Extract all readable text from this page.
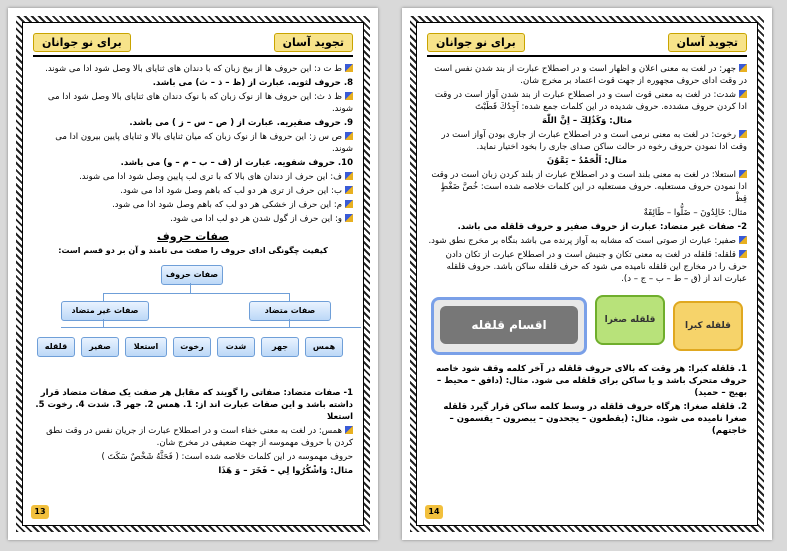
تجوید آسان
برای نو جوانان

ط ت د: این حروف ها از بیخ زبان که با دندان های ثنایای بالا وصل شود ادا می شوند.

8. حروف لثویه. عبارت از (ظ – ذ – ث) می باشد.

ظ ذ ث: این حروف ها از نوک زبان که با نوک دندان های ثنایای بالا وصل شود ادا می شوند.

9. حروف صفیریه. عبارت از ( ص – س – ز ) می باشد.

ص س ز: این حروف ها از نوک زبان که میان ثنایای بالا و ثنایای پایین بیرون ادا می شوند.

10. حروف شفویه. عبارت از (ف – ب – م – و) می باشد.

ف: این حرف از دندان های بالا که با تری لب پایین وصل شود ادا می شوند.

ب: این حرف از تری هر دو لب که باهم وصل شود ادا می شود.

م: این حرف از خشکی هر دو لب که باهم وصل شود ادا می شود.

و: این حرف از گول شدن هر دو لب ادا می شود.

صفات حروف
کیفیت چگونگی ادای حروف را صفت می نامند و آن بر دو قسم است:
صفات حروف
صفات غیر متضاد	صفات متضاد
قلقله	صفیر	استعلا	رخوت	شدت	جهر	همس

1- صفات متضاد: صفاتی را گویند که مقابل هر صفت یک صفات متضاد قرار داشته باشد و این صفات عبارت اند از: 1. همس 2. جهر 3. شدت 4. رخوت 5. استعلا

همس: در لغت به معنی خفاء است و در اصطلاح عبارت از جریان نفس در وقت نطق کردن با حروف مهموسه از جهت ضعیفی در مخرج شان.

حروف مهموسه در این کلمات خلاصه شده است: ( فَحَثَّهُ شَخْصٌ سَكَتَ )

مثال: وَاشْكُرُوا لِي – فَخَرَ – وَ هَذَا

13
تجوید آسان
برای نو جوانان

جهر: در لغت به معنی اعلان و اظهار است و در اصطلاح عبارت از بند شدن نفس است در وقت ادای حروف مجهوره از جهت قوت اعتماد بر مخرج شان.

شدت: در لغت به معنی قوت است و در اصطلاح عبارت از بند شدن آواز است در وقت ادا کردن حروف مشدده. حروف شدیده در این کلمات جمع شده: اَجِدُكَ قَطَبْتَ

مثال: وَكَذَٰلِكَ – اِنَّ اللّٰهَ

رخوت: در لغت به معنی نرمی است و در اصطلاح عبارت از جاری بودن آواز است در وقت ادا نمودن حروف رخوه در حالت ساکن صدای جاری را بخود اختیار نماید.

مثال: اَلْحَمْدُ – يَمَّوُنَ

استعلا: در لغت به معنی بلند است و در اصطلاح عبارت از بلند کردن زبان است در وقت ادا نمودن حروف مستعلیه. حروف مستعلیه در این کلمات خلاصه شده است: خُصَّ ضَغْطٍ قِظْ

مثال: خَالِدُونَ – ضَلُّوا – طَائِفَةٌ

2- صفات غیر متضاد: عبارت از حروف صفیر و حروف قلقله می باشد.

صفیر: عبارت از صوتی است که مشابه به آواز پرنده می باشد بنگاه بر مخرج نطق شود.

قلقله: قلقله در لغت به معنی تکان و جنبش است و در اصطلاح عبارت از تکان دادن حرف را در مخارج این قلقله نامیده می شود که حرف قلقله ساکن باشد. حروف قلقله عبارت اند از (ق – ط – ب – ج – د).

قلقله کبرا
قلقله صغرا
اقسام قلقله

1. قلقله کبرا: هر وقت که بالای حروف قلقله در آخر کلمه وقف شود خاصه حروف متحرک باشد و یا ساکن برای قلقله می شود. مثال: (دافق – محیط – بهیج – حمید)

2. قلقله صغرا: هرگاه حروف قلقله در وسط کلمه ساکن قرار گیرد قلقله صغرا نامیده می شود. مثال: (یقطعون – یجحدون – یبصرون – یقسمون – خاجتهم)

14
